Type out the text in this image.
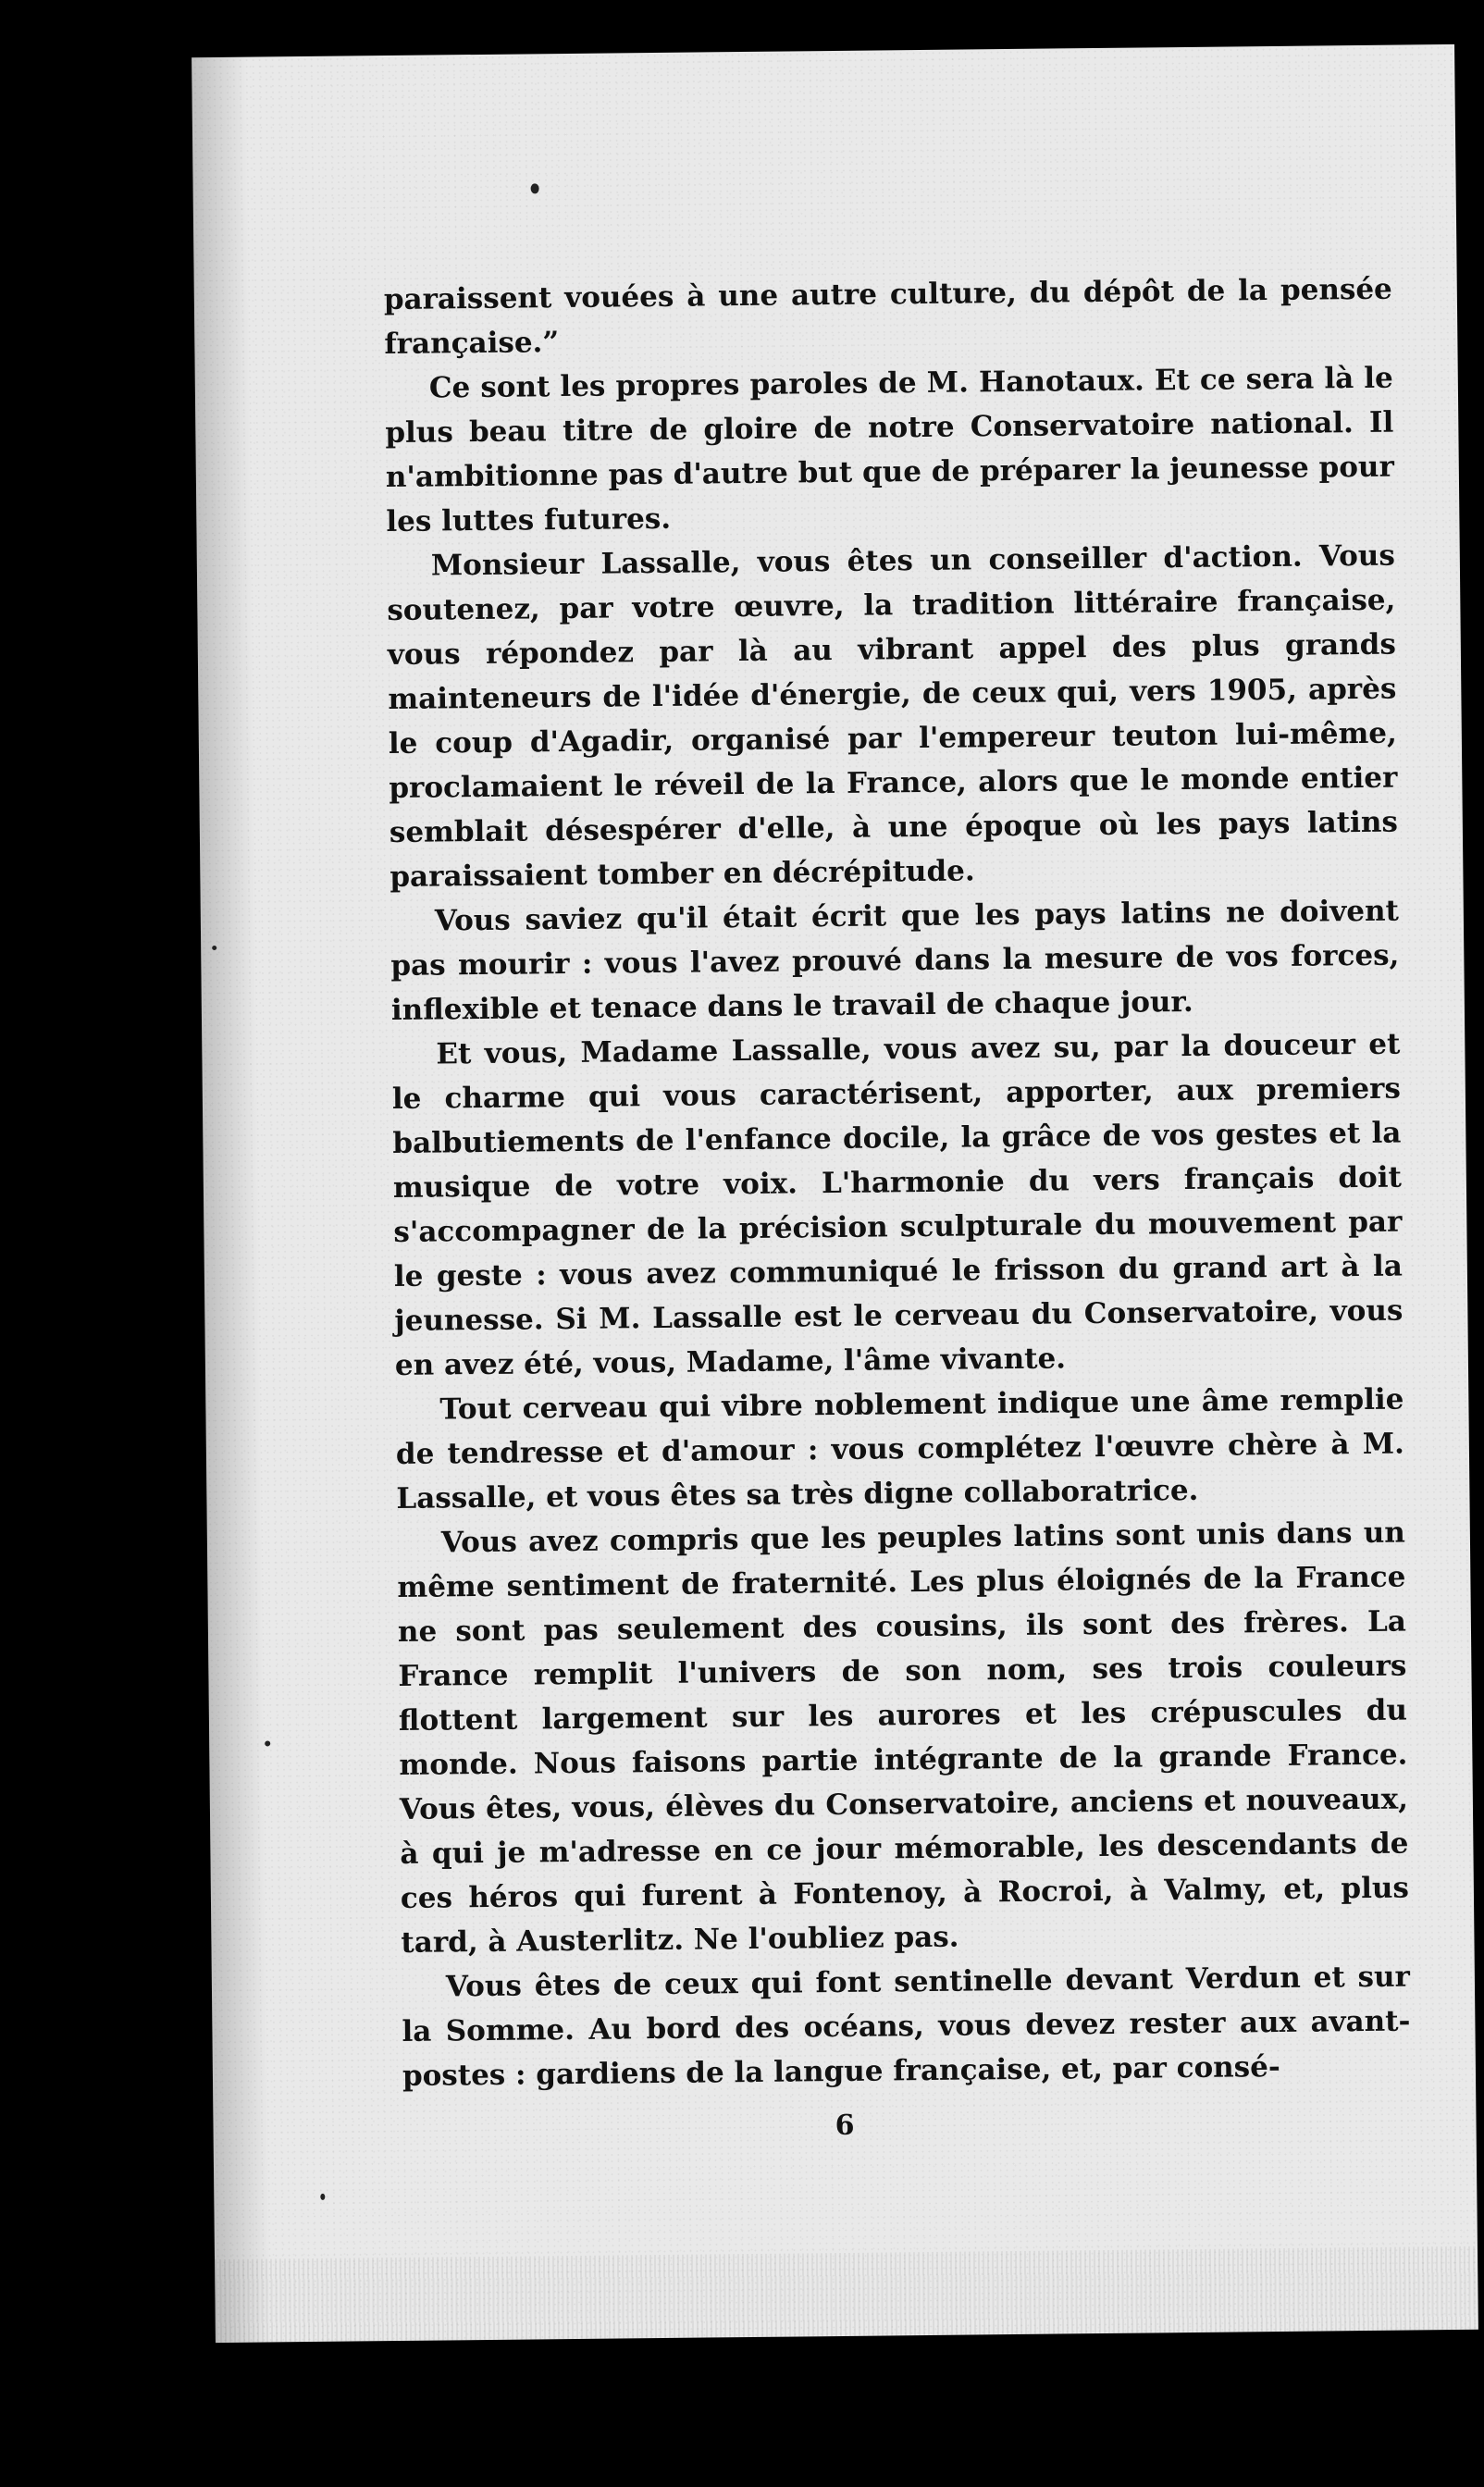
paraissent vouées à une autre culture, du dépôt de la pensée française.”

Ce sont les propres paroles de M. Hanotaux. Et ce sera là le plus beau titre de gloire de notre Conservatoire national. Il n'ambitionne pas d'autre but que de préparer la jeunesse pour les luttes futures.

Monsieur Lassalle, vous êtes un conseiller d'action. Vous soutenez, par votre œuvre, la tradition littéraire française, vous répondez par là au vibrant appel des plus grands mainteneurs de l'idée d'énergie, de ceux qui, vers 1905, après le coup d'Agadir, organisé par l'empereur teuton lui-même, proclamaient le réveil de la France, alors que le monde entier semblait désespérer d'elle, à une époque où les pays latins paraissaient tomber en décrépitude.

Vous saviez qu'il était écrit que les pays latins ne doivent pas mourir : vous l'avez prouvé dans la mesure de vos forces, inflexible et tenace dans le travail de chaque jour.

Et vous, Madame Lassalle, vous avez su, par la douceur et le charme qui vous caractérisent, apporter, aux premiers balbutiements de l'enfance docile, la grâce de vos gestes et la musique de votre voix. L'harmonie du vers français doit s'accompagner de la précision sculpturale du mouvement par le geste : vous avez communiqué le frisson du grand art à la jeunesse. Si M. Lassalle est le cerveau du Conservatoire, vous en avez été, vous, Madame, l'âme vivante.

Tout cerveau qui vibre noblement indique une âme remplie de tendresse et d'amour : vous complétez l'œuvre chère à M. Lassalle, et vous êtes sa très digne collaboratrice.

Vous avez compris que les peuples latins sont unis dans un même sentiment de fraternité. Les plus éloignés de la France ne sont pas seulement des cousins, ils sont des frères. La France remplit l'univers de son nom, ses trois couleurs flottent largement sur les aurores et les crépuscules du monde. Nous faisons partie intégrante de la grande France. Vous êtes, vous, élèves du Conservatoire, anciens et nouveaux, à qui je m'adresse en ce jour mémorable, les descendants de ces héros qui furent à Fontenoy, à Rocroi, à Valmy, et, plus tard, à Austerlitz. Ne l'oubliez pas.

Vous êtes de ceux qui font sentinelle devant Verdun et sur la Somme. Au bord des océans, vous devez rester aux avant-postes : gardiens de la langue française, et, par consé-

6
